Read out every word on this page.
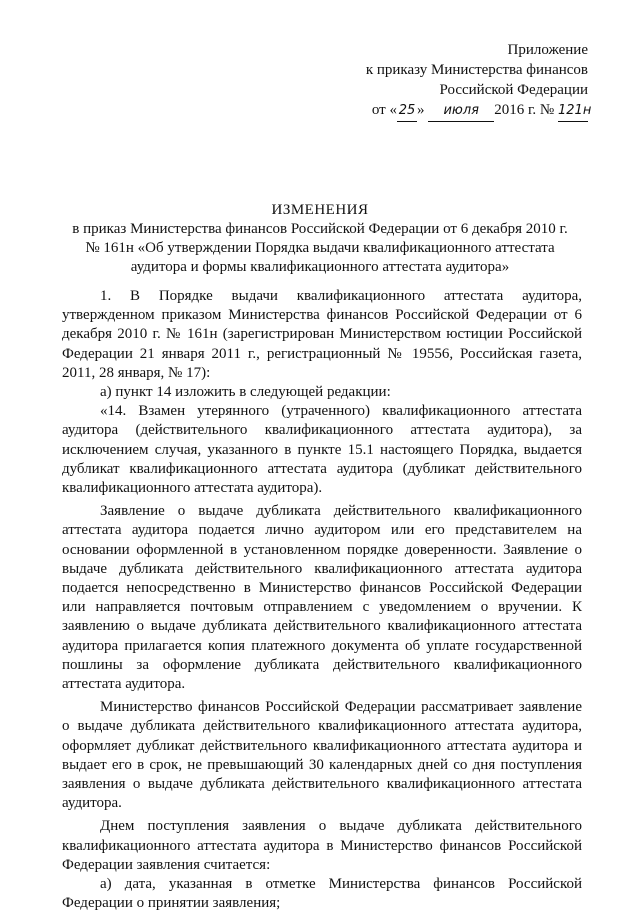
Приложение
к приказу Министерства финансов
Российской Федерации
от « 25 » июля 2016 г. № 121н
ИЗМЕНЕНИЯ
в приказ Министерства финансов Российской Федерации от 6 декабря 2010 г.
№ 161н «Об утверждении Порядка выдачи квалификационного аттестата
аудитора и формы квалификационного аттестата аудитора»

1. В Порядке выдачи квалификационного аттестата аудитора, утвержденном приказом Министерства финансов Российской Федерации от 6 декабря 2010 г. № 161н (зарегистрирован Министерством юстиции Российской Федерации 21 января 2011 г., регистрационный № 19556, Российская газета, 2011, 28 января, № 17):

а) пункт 14 изложить в следующей редакции:

«14. Взамен утерянного (утраченного) квалификационного аттестата аудитора (действительного квалификационного аттестата аудитора), за исключением случая, указанного в пункте 15.1 настоящего Порядка, выдается дубликат квалификационного аттестата аудитора (дубликат действительного квалификационного аттестата аудитора).

Заявление о выдаче дубликата действительного квалификационного аттестата аудитора подается лично аудитором или его представителем на основании оформленной в установленном порядке доверенности. Заявление о выдаче дубликата действительного квалификационного аттестата аудитора подается непосредственно в Министерство финансов Российской Федерации или направляется почтовым отправлением с уведомлением о вручении. К заявлению о выдаче дубликата действительного квалификационного аттестата аудитора прилагается копия платежного документа об уплате государственной пошлины за оформление дубликата действительного квалификационного аттестата аудитора.

Министерство финансов Российской Федерации рассматривает заявление о выдаче дубликата действительного квалификационного аттестата аудитора, оформляет дубликат действительного квалификационного аттестата аудитора и выдает его в срок, не превышающий 30 календарных дней со дня поступления заявления о выдаче дубликата действительного квалификационного аттестата аудитора.

Днем поступления заявления о выдаче дубликата действительного квалификационного аттестата аудитора в Министерство финансов Российской Федерации заявления считается:

а) дата, указанная в отметке Министерства финансов Российской Федерации о принятии заявления;
